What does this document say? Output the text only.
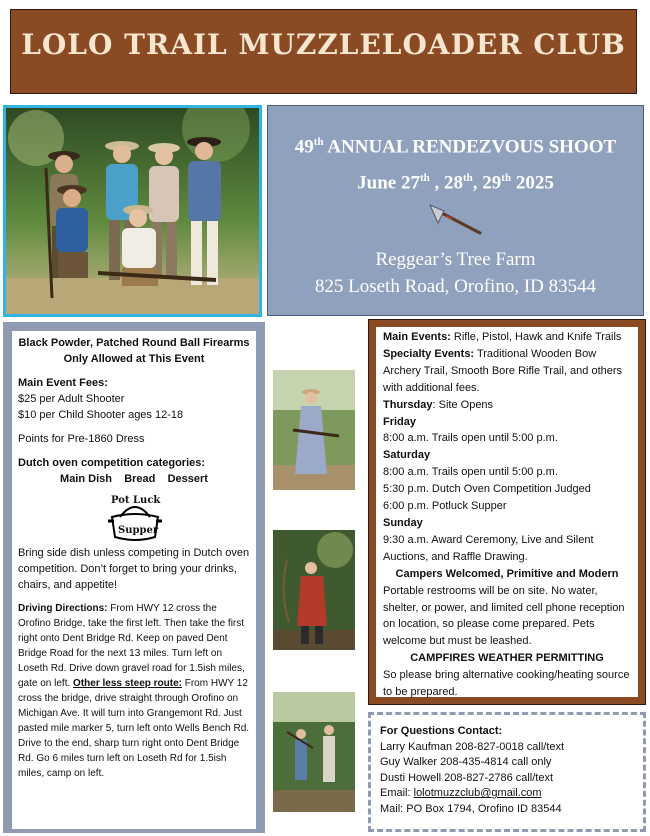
LOLO TRAIL MUZZLELOADER CLUB
49th ANNUAL RENDEZVOUS SHOOT
June 27th , 28th, 29th 2025
Reggear’s Tree Farm
825 Loseth Road, Orofino, ID 83544
Black Powder, Patched Round Ball Firearms
Only Allowed at This Event
Main Event Fees:
$25 per Adult Shooter
$10 per Child Shooter ages 12-18
Points for Pre-1860 Dress
Dutch oven competition categories:
Main Dish    Bread    Dessert
Pot Luck
Supper
Bring side dish unless competing in Dutch oven competition. Don’t forget to bring your drinks, chairs, and appetite!
Driving Directions: From HWY 12 cross the Orofino Bridge, take the first left. Then take the first right onto Dent Bridge Rd. Keep on paved Dent Bridge Road for the next 13 miles. Turn left on Loseth Rd. Drive down gravel road for 1.5ish miles, gate on left. Other less steep route: From HWY 12 cross the bridge, drive straight through Orofino on Michigan Ave. It will turn into Grangemont Rd. Just pasted mile marker 5, turn left onto Wells Bench Rd. Drive to the end, sharp turn right onto Dent Bridge Rd. Go 6 miles turn left on Loseth Rd for 1.5ish miles, camp on left.
Main Events: Rifle, Pistol, Hawk and Knife Trails
Specialty Events: Traditional Wooden Bow Archery Trail, Smooth Bore Rifle Trail, and others with additional fees.
Thursday: Site Opens
Friday
8:00 a.m. Trails open until 5:00 p.m.
Saturday
8:00 a.m. Trails open until 5:00 p.m.
5:30 p.m. Dutch Oven Competition Judged
6:00 p.m. Potluck Supper
Sunday
9:30 a.m. Award Ceremony, Live and Silent Auctions, and Raffle Drawing.
Campers Welcomed, Primitive and Modern
Portable restrooms will be on site. No water, shelter, or power, and limited cell phone reception on location, so please come prepared. Pets welcome but must be leashed.
CAMPFIRES WEATHER PERMITTING
So please bring alternative cooking/heating source to be prepared.
For Questions Contact:
Larry Kaufman 208-827-0018 call/text
Guy Walker 208-435-4814 call only
Dusti Howell 208-827-2786 call/text
Email: lolotmuzzclub@gmail.com
Mail: PO Box 1794, Orofino ID 83544
